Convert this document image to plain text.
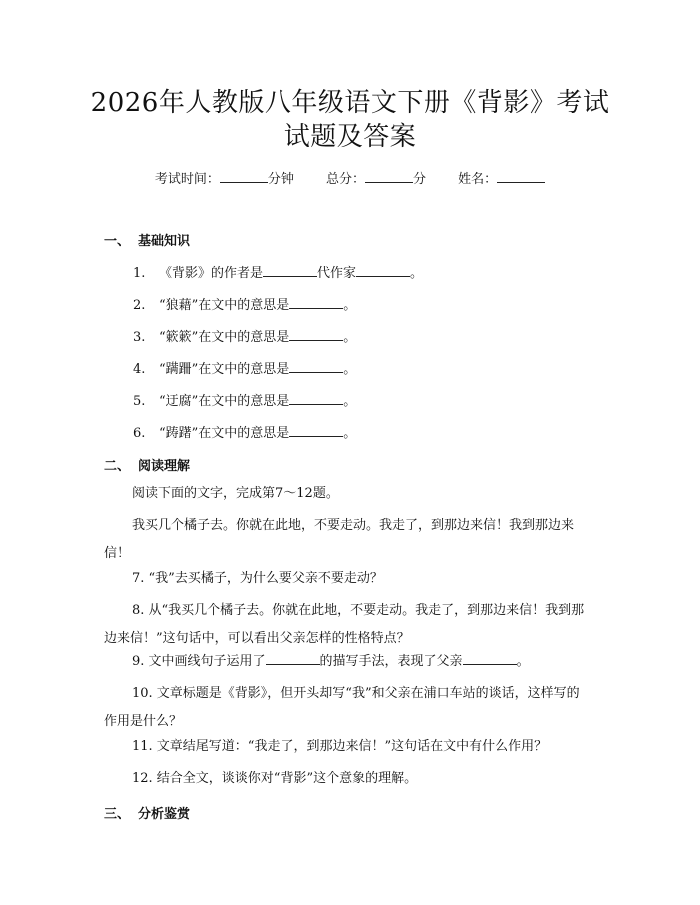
2026年人教版八年级语文下册《背影》考试
试题及答案
考试时间：	分钟 总分：	分 姓名：
一、 基础知识
1. 《背影》的作者是	代作家	。
2. “狼藉”在文中的意思是	。
3. “簌簌”在文中的意思是	。
4. “蹒跚”在文中的意思是	。
5. “迂腐”在文中的意思是	。
6. “踌躇”在文中的意思是	。
二、 阅读理解
阅读下面的文字，完成第7～12题。
我买几个橘子去。你就在此地，不要走动。我走了，到那边来信！我到那边来信！
7. “我”去买橘子，为什么要父亲不要走动？
8. 从“我买几个橘子去。你就在此地，不要走动。我走了，到那边来信！我到那边来信！”这句话中，可以看出父亲怎样的性格特点？
9. 文中画线句子运用了	的描写手法，表现了父亲	。
10. 文章标题是《背影》，但开头却写“我”和父亲在浦口车站的谈话，这样写的作用是什么？
11. 文章结尾写道：“我走了，到那边来信！”这句话在文中有什么作用？
12. 结合全文，谈谈你对“背影”这个意象的理解。
三、 分析鉴赏
